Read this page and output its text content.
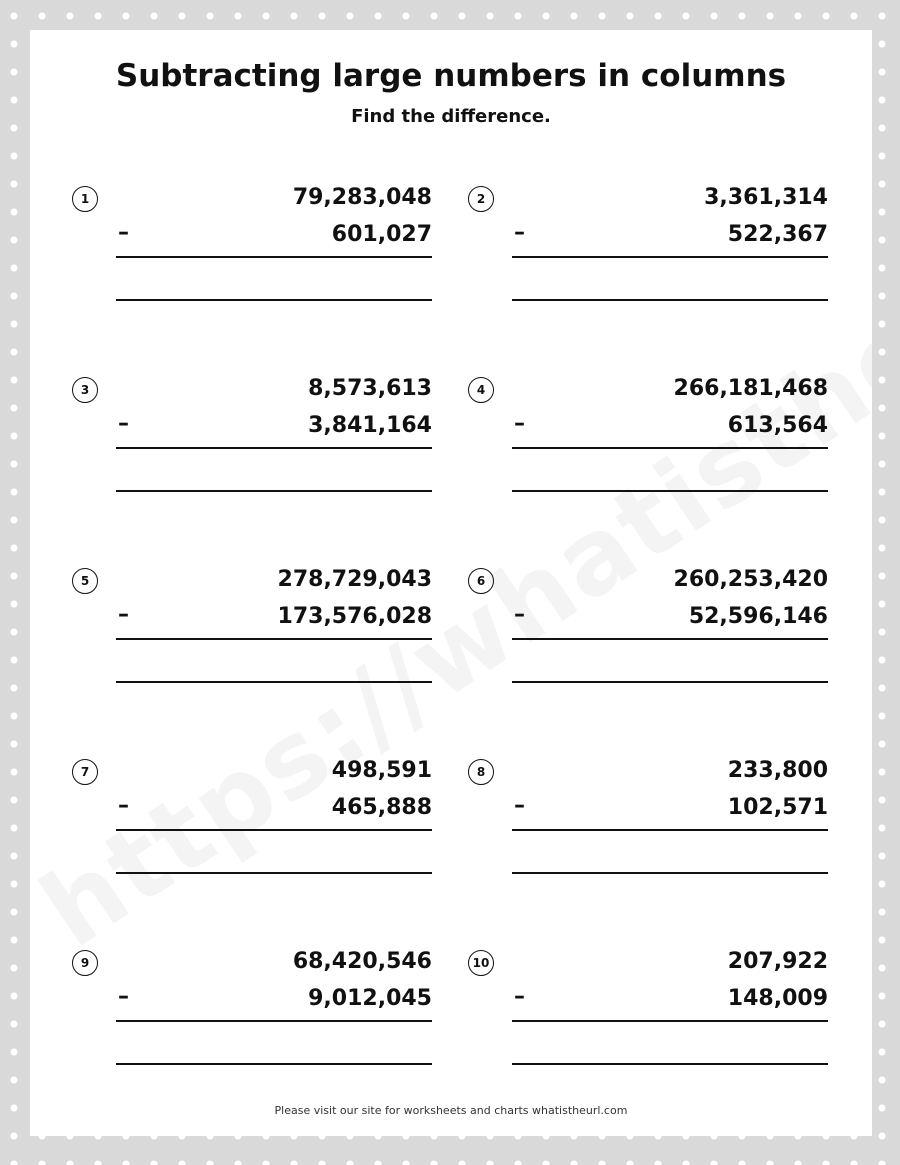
Subtracting large numbers in columns
Find the difference.
1	79,283,048
–	601,027
2	3,361,314
–	522,367
3	8,573,613
–	3,841,164
4	266,181,468
–	613,564
5	278,729,043
–	173,576,028
6	260,253,420
–	52,596,146
7	498,591
–	465,888
8	233,800
–	102,571
9	68,420,546
–	9,012,045
10	207,922
–	148,009
Please visit our site for worksheets and charts whatistheurl.com
